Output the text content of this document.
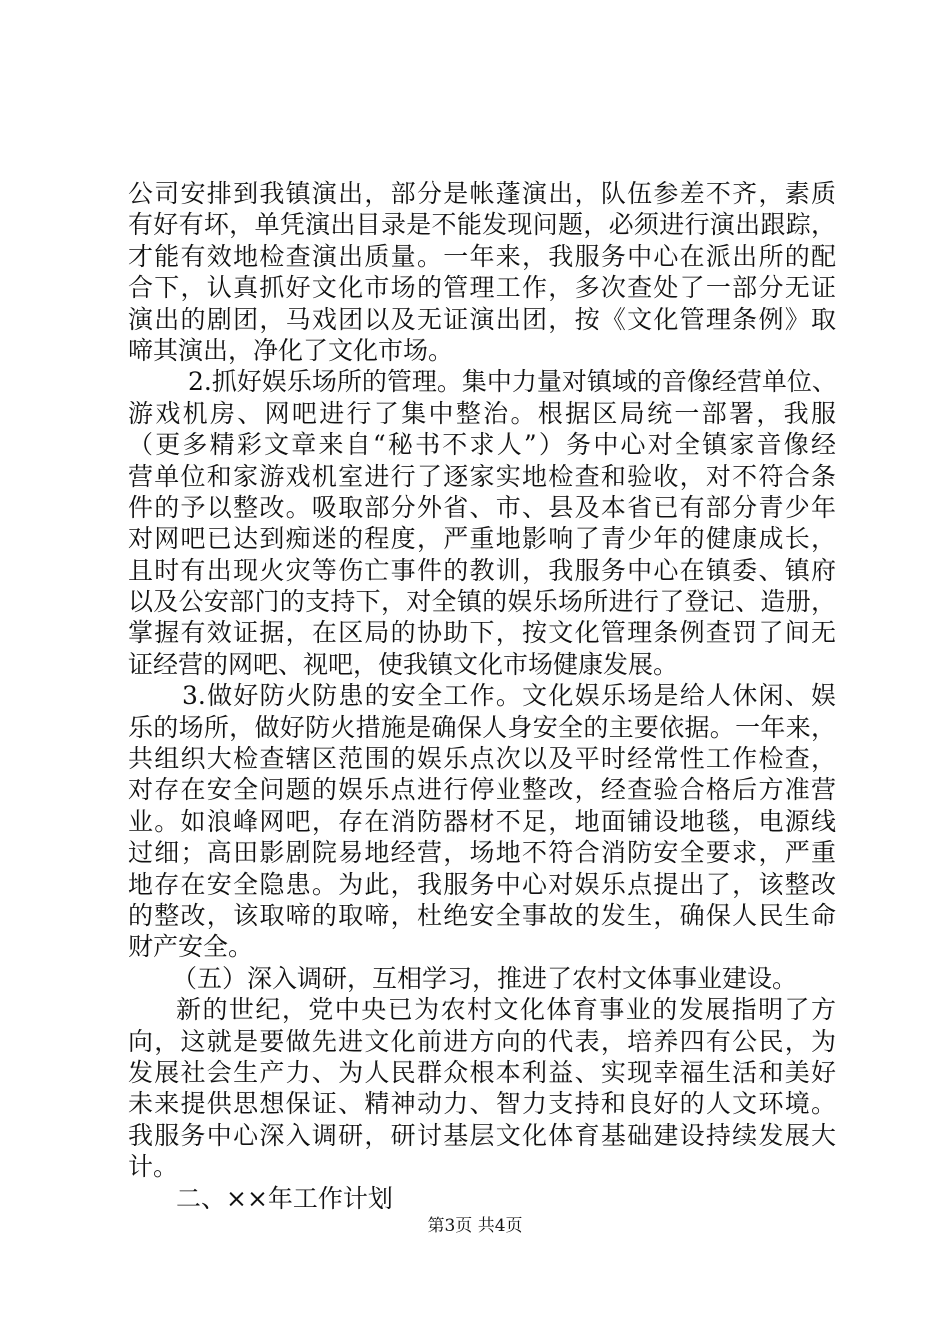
公司安排到我镇演出，部分是帐蓬演出，队伍参差不齐，素质
有好有坏，单凭演出目录是不能发现问题，必须进行演出跟踪，
才能有效地检查演出质量。一年来，我服务中心在派出所的配
合下，认真抓好文化市场的管理工作，多次查处了一部分无证
演出的剧团，马戏团以及无证演出团，按《文化管理条例》取
啼其演出，净化了文化市场。
2.抓好娱乐场所的管理。集中力量对镇域的音像经营单位、
游戏机房、网吧进行了集中整治。根据区局统一部署，我服
（更多精彩文章来自“秘书不求人”）务中心对全镇家音像经
营单位和家游戏机室进行了逐家实地检查和验收，对不符合条
件的予以整改。吸取部分外省、市、县及本省已有部分青少年
对网吧已达到痴迷的程度，严重地影响了青少年的健康成长，
且时有出现火灾等伤亡事件的教训，我服务中心在镇委、镇府
以及公安部门的支持下，对全镇的娱乐场所进行了登记、造册，
掌握有效证据，在区局的协助下，按文化管理条例查罚了间无
证经营的网吧、视吧，使我镇文化市场健康发展。
3.做好防火防患的安全工作。文化娱乐场是给人休闲、娱
乐的场所，做好防火措施是确保人身安全的主要依据。一年来，
共组织大检查辖区范围的娱乐点次以及平时经常性工作检查，
对存在安全问题的娱乐点进行停业整改，经查验合格后方准营
业。如浪峰网吧，存在消防器材不足，地面铺设地毯，电源线
过细；高田影剧院易地经营，场地不符合消防安全要求，严重
地存在安全隐患。为此，我服务中心对娱乐点提出了，该整改
的整改，该取啼的取啼，杜绝安全事故的发生，确保人民生命
财产安全。
（五）深入调研，互相学习，推进了农村文体事业建设。
新的世纪，党中央已为农村文化体育事业的发展指明了方
向，这就是要做先进文化前进方向的代表，培养四有公民，为
发展社会生产力、为人民群众根本利益、实现幸福生活和美好
未来提供思想保证、精神动力、智力支持和良好的人文环境。
我服务中心深入调研，研讨基层文化体育基础建设持续发展大
计。
二、××年工作计划
第3页 共4页
